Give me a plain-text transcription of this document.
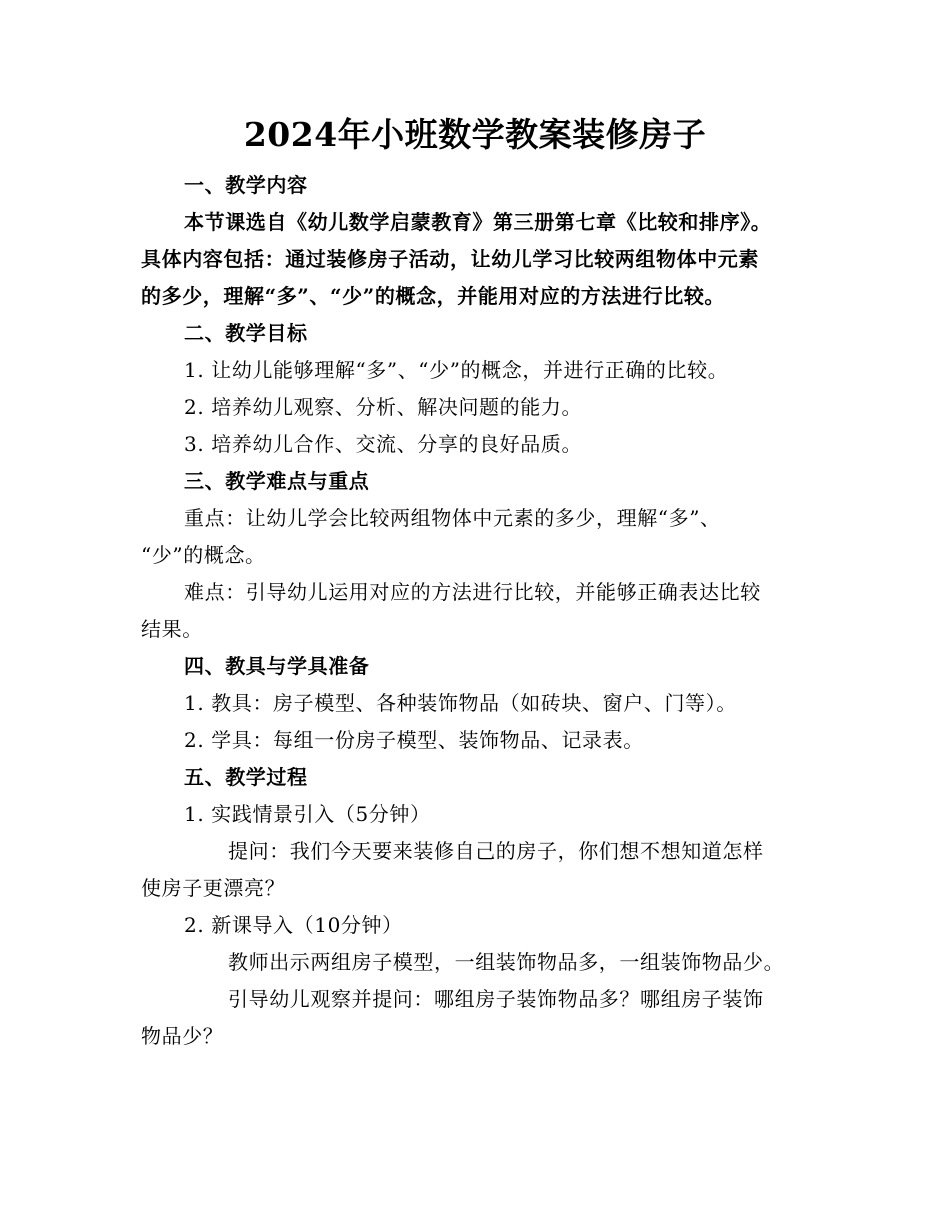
2024年小班数学教案装修房子
一、教学内容
本节课选自《幼儿数学启蒙教育》第三册第七章《比较和排序》。
具体内容包括：通过装修房子活动，让幼儿学习比较两组物体中元素
的多少，理解“多”、“少”的概念，并能用对应的方法进行比较。
二、教学目标
1. 让幼儿能够理解“多”、“少”的概念，并进行正确的比较。
2. 培养幼儿观察、分析、解决问题的能力。
3. 培养幼儿合作、交流、分享的良好品质。
三、教学难点与重点
重点：让幼儿学会比较两组物体中元素的多少，理解“多”、
“少”的概念。
难点：引导幼儿运用对应的方法进行比较，并能够正确表达比较
结果。
四、教具与学具准备
1. 教具：房子模型、各种装饰物品（如砖块、窗户、门等）。
2. 学具：每组一份房子模型、装饰物品、记录表。
五、教学过程
1. 实践情景引入（5分钟）
提问：我们今天要来装修自己的房子，你们想不想知道怎样
使房子更漂亮？
2. 新课导入（10分钟）
教师出示两组房子模型，一组装饰物品多，一组装饰物品少。
引导幼儿观察并提问：哪组房子装饰物品多？哪组房子装饰
物品少？
